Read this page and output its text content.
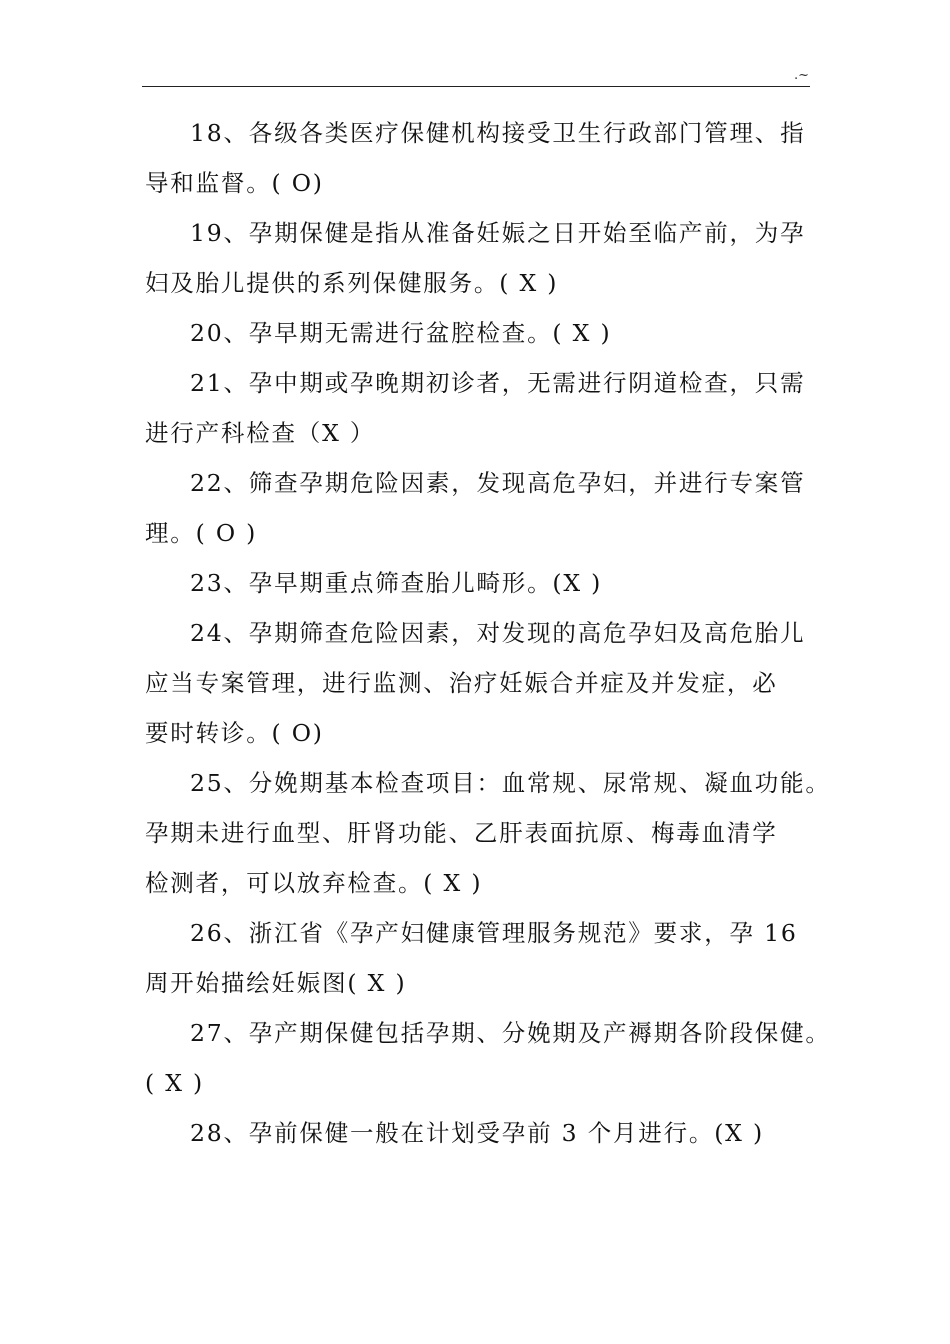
.~
18、各级各类医疗保健机构接受卫生行政部门管理、指
导和监督。( O)
19、孕期保健是指从准备妊娠之日开始至临产前，为孕
妇及胎儿提供的系列保健服务。( X )
20、孕早期无需进行盆腔检查。( X )
21、孕中期或孕晚期初诊者，无需进行阴道检查，只需
进行产科检查（X ）
22、筛查孕期危险因素，发现高危孕妇，并进行专案管
理。( O )
23、孕早期重点筛查胎儿畸形。(X )
24、孕期筛查危险因素，对发现的高危孕妇及高危胎儿
应当专案管理，进行监测、治疗妊娠合并症及并发症，必
要时转诊。( O)
25、分娩期基本检查项目：血常规、尿常规、凝血功能。
孕期未进行血型、肝肾功能、乙肝表面抗原、梅毒血清学
检测者，可以放弃检查。( X )
26、浙江省《孕产妇健康管理服务规范》要求，孕 16
周开始描绘妊娠图( X )
27、孕产期保健包括孕期、分娩期及产褥期各阶段保健。
( X )
28、孕前保健一般在计划受孕前 3 个月进行。(X )
